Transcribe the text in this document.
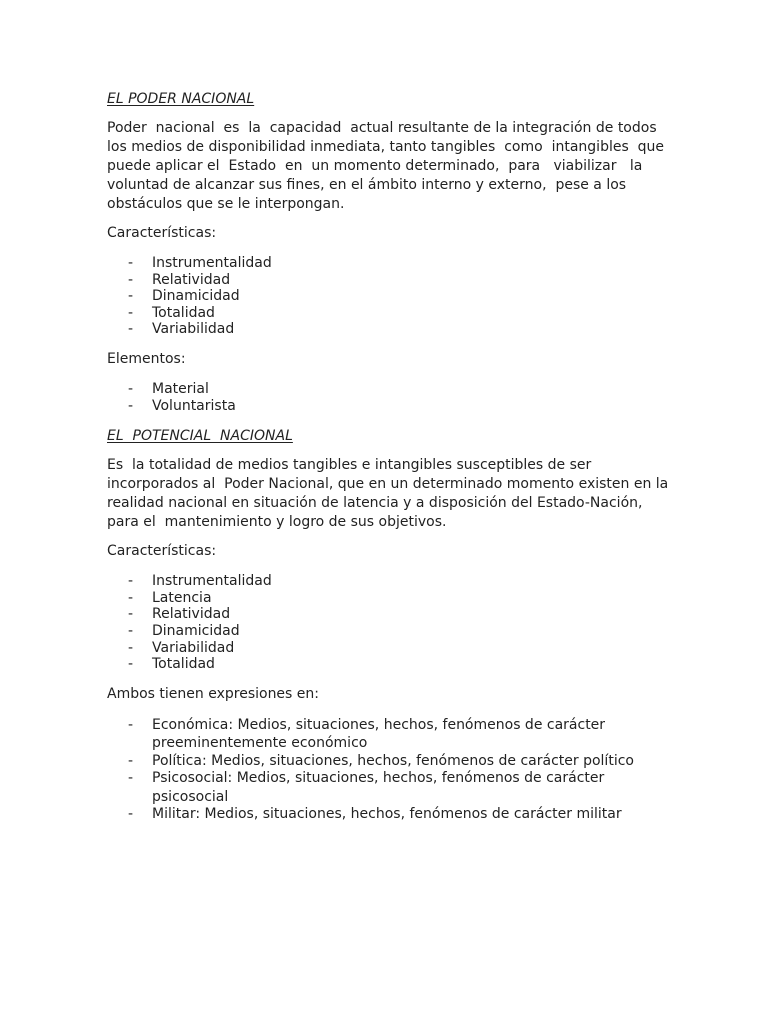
EL PODER NACIONAL
Poder  nacional  es  la  capacidad  actual resultante de la integración de todos
los medios de disponibilidad inmediata, tanto tangibles  como  intangibles  que
puede aplicar el  Estado  en  un momento determinado,  para   viabilizar   la
voluntad de alcanzar sus fines, en el ámbito interno y externo,  pese a los
obstáculos que se le interpongan.
Características:
- Instrumentalidad
- Relatividad
- Dinamicidad
- Totalidad
- Variabilidad
Elementos:
- Material
- Voluntarista
EL  POTENCIAL  NACIONAL
Es  la totalidad de medios tangibles e intangibles susceptibles de ser
incorporados al  Poder Nacional, que en un determinado momento existen en la
realidad nacional en situación de latencia y a disposición del Estado-Nación,
para el  mantenimiento y logro de sus objetivos.
Características:
- Instrumentalidad
- Latencia
- Relatividad
- Dinamicidad
- Variabilidad
- Totalidad
Ambos tienen expresiones en:
- Económica: Medios, situaciones, hechos, fenómenos de carácter preeminentemente económico
- Política: Medios, situaciones, hechos, fenómenos de carácter político
- Psicosocial: Medios, situaciones, hechos, fenómenos de carácter psicosocial
- Militar: Medios, situaciones, hechos, fenómenos de carácter militar
